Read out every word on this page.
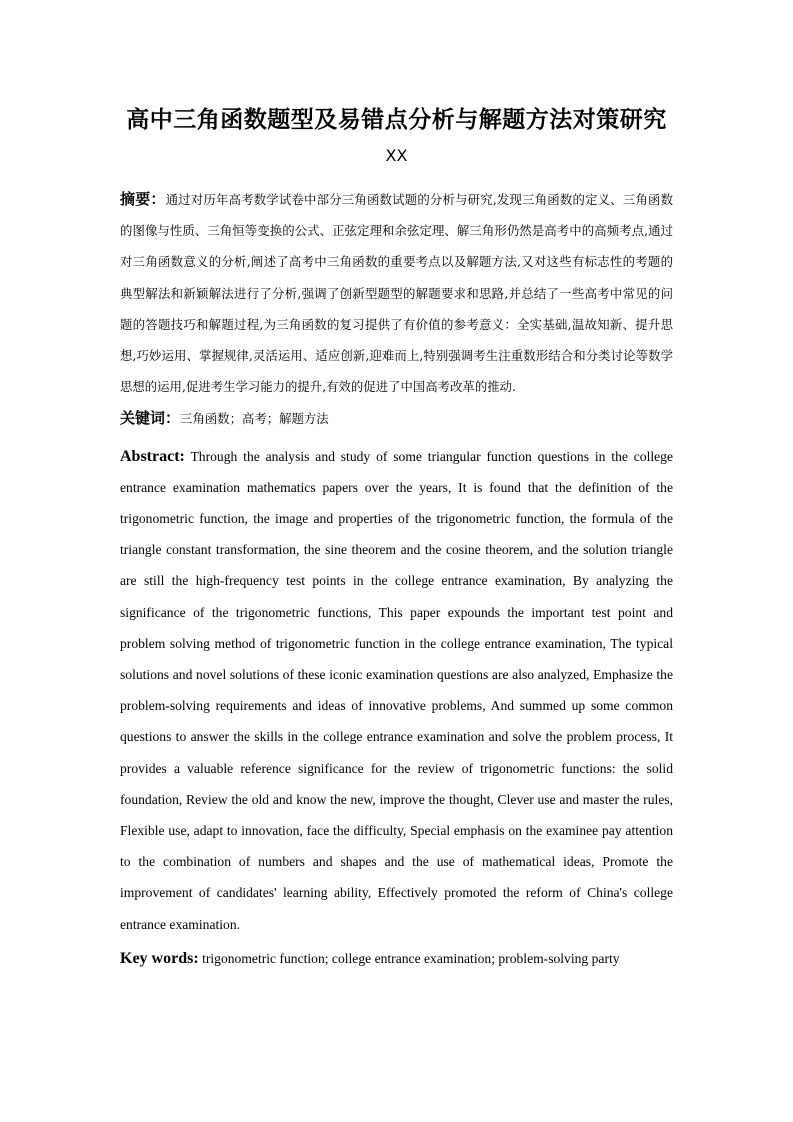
高中三角函数题型及易错点分析与解题方法对策研究
XX

摘要：通过对历年高考数学试卷中部分三角函数试题的分析与研究,发现三角函数的定义、三角函数的图像与性质、三角恒等变换的公式、正弦定理和余弦定理、解三角形仍然是高考中的高频考点,通过对三角函数意义的分析,阐述了高考中三角函数的重要考点以及解题方法,又对这些有标志性的考题的典型解法和新颖解法进行了分析,强调了创新型题型的解题要求和思路,并总结了一些高考中常见的问题的答题技巧和解题过程,为三角函数的复习提供了有价值的参考意义：全实基础,温故知新、提升思想,巧妙运用、掌握规律,灵活运用、适应创新,迎难而上,特别强调考生注重数形结合和分类讨论等数学思想的运用,促进考生学习能力的提升,有效的促进了中国高考改革的推动.

关键词：三角函数；高考；解题方法

Abstract: Through the analysis and study of some triangular function questions in the college entrance examination mathematics papers over the years, It is found that the definition of the trigonometric function, the image and properties of the trigonometric function, the formula of the triangle constant transformation, the sine theorem and the cosine theorem, and the solution triangle are still the high-frequency test points in the college entrance examination, By analyzing the significance of the trigonometric functions, This paper expounds the important test point and problem solving method of trigonometric function in the college entrance examination, The typical solutions and novel solutions of these iconic examination questions are also analyzed, Emphasize the problem-solving requirements and ideas of innovative problems, And summed up some common questions to answer the skills in the college entrance examination and solve the problem process, It provides a valuable reference significance for the review of trigonometric functions: the solid foundation, Review the old and know the new, improve the thought, Clever use and master the rules, Flexible use, adapt to innovation, face the difficulty, Special emphasis on the examinee pay attention to the combination of numbers and shapes and the use of mathematical ideas, Promote the improvement of candidates' learning ability, Effectively promoted the reform of China's college entrance examination.

Key words: trigonometric function; college entrance examination; problem-solving party
